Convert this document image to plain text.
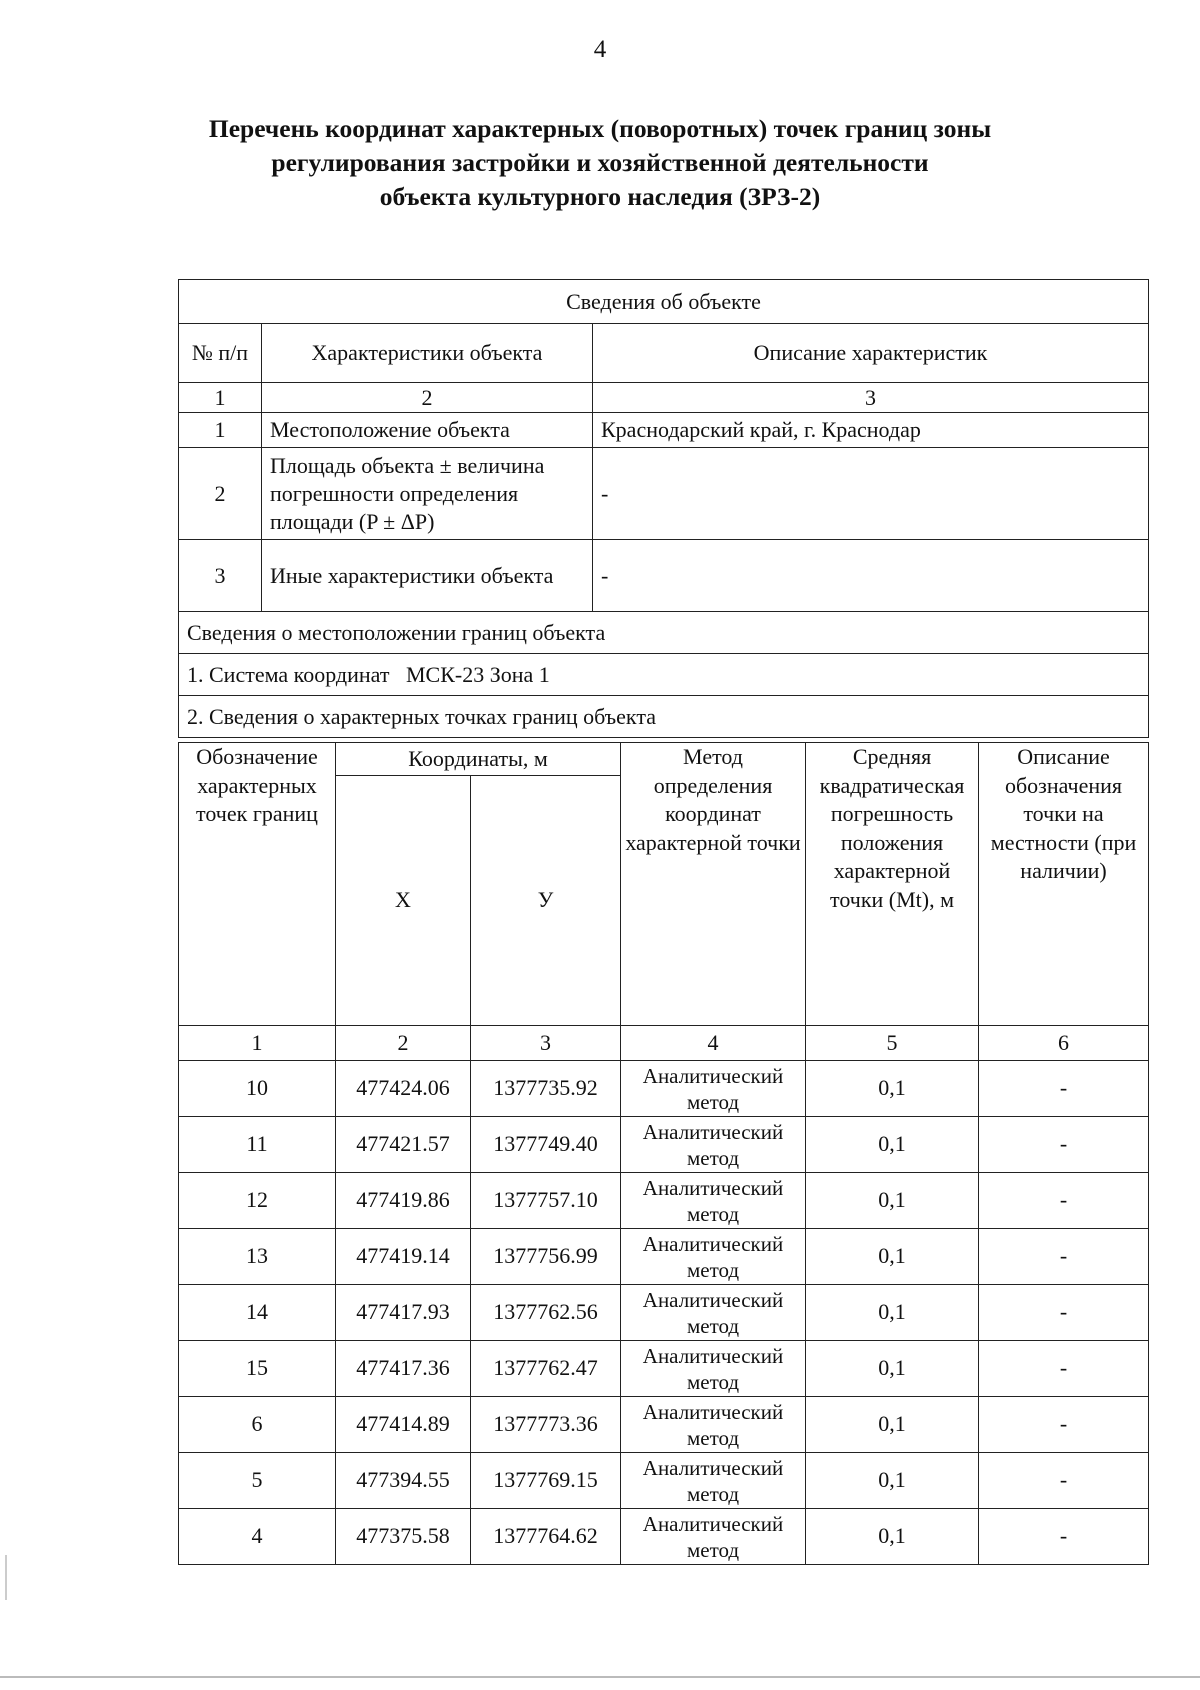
4
Перечень координат характерных (поворотных) точек границ зоны
регулирования застройки и хозяйственной деятельности
объекта культурного наследия (ЗРЗ-2)
Сведения об объекте		
№ п/п	Характеристики объекта	Описание характеристик
1	2	3
1	Местоположение объекта	Краснодарский край, г. Краснодар
2	Площадь объекта ± величина погрешности определения площади (P ± ΔP)	-
3	Иные характеристики объекта	-
Сведения о местоположении границ объекта		
1. Система координат   МСК-23 Зона 1		
2. Сведения о характерных точках границ объекта		
Обозначение характерных точек границ	Координаты, м		Метод определения координат характерной точки	Средняя квадратическая погрешность положения характерной точки (Mt), м	Описание обозначения точки на местности (при наличии)
	X	У			
1	2	3	4	5	6
10	477424.06	1377735.92	Аналитический метод	0,1	-
11	477421.57	1377749.40	Аналитический метод	0,1	-
12	477419.86	1377757.10	Аналитический метод	0,1	-
13	477419.14	1377756.99	Аналитический метод	0,1	-
14	477417.93	1377762.56	Аналитический метод	0,1	-
15	477417.36	1377762.47	Аналитический метод	0,1	-
6	477414.89	1377773.36	Аналитический метод	0,1	-
5	477394.55	1377769.15	Аналитический метод	0,1	-
4	477375.58	1377764.62	Аналитический метод	0,1	-
